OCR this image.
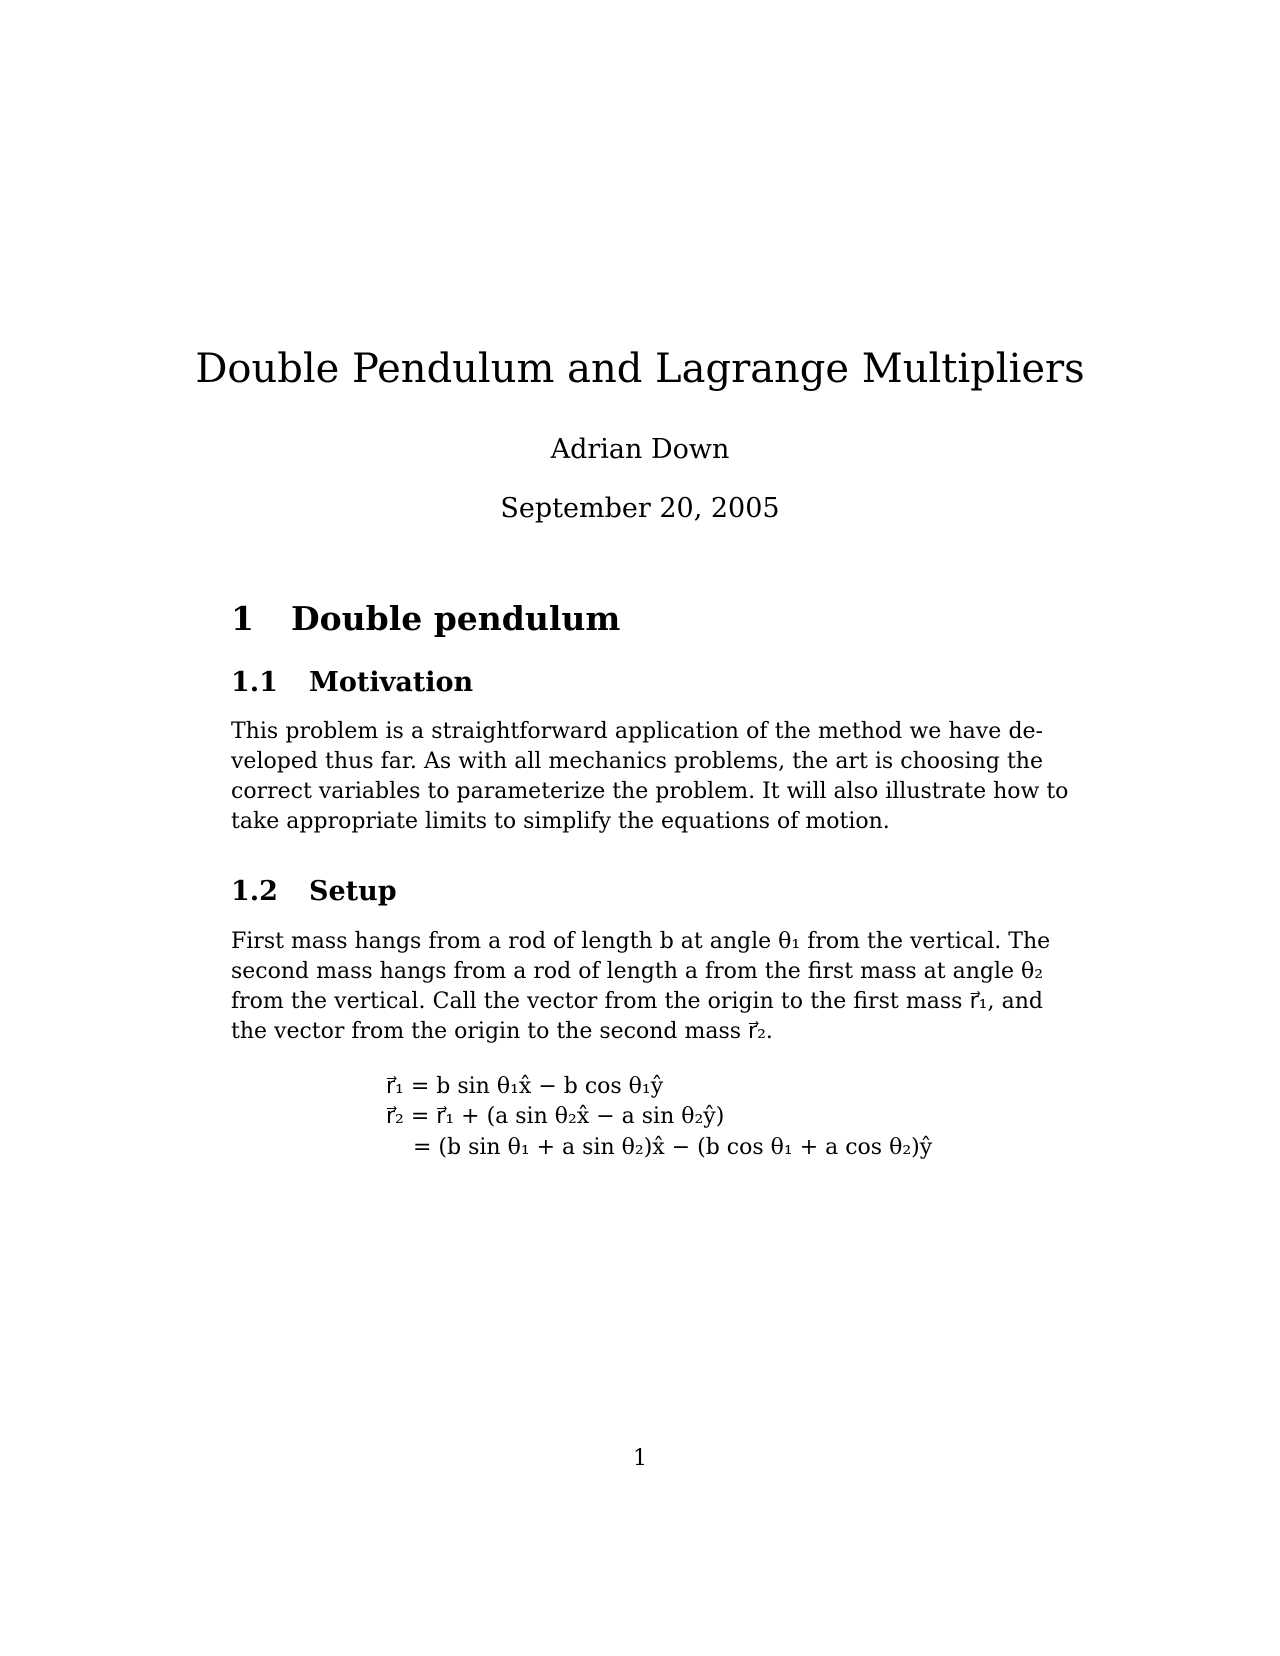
Double Pendulum and Lagrange Multipliers
Adrian Down
September 20, 2005
1 Double pendulum
1.1 Motivation
This problem is a straightforward application of the method we have de-
veloped thus far. As with all mechanics problems, the art is choosing the
correct variables to parameterize the problem. It will also illustrate how to
take appropriate limits to simplify the equations of motion.
1.2 Setup
First mass hangs from a rod of length b at angle θ₁ from the vertical. The
second mass hangs from a rod of length a from the first mass at angle θ₂
from the vertical. Call the vector from the origin to the first mass r⃗₁, and
the vector from the origin to the second mass r⃗₂.
r⃗₁ = b sin θ₁x̂ − b cos θ₁ŷ
r⃗₂ = r⃗₁ + (a sin θ₂x̂ − a sin θ₂ŷ)
= (b sin θ₁ + a sin θ₂)x̂ − (b cos θ₁ + a cos θ₂)ŷ
1
